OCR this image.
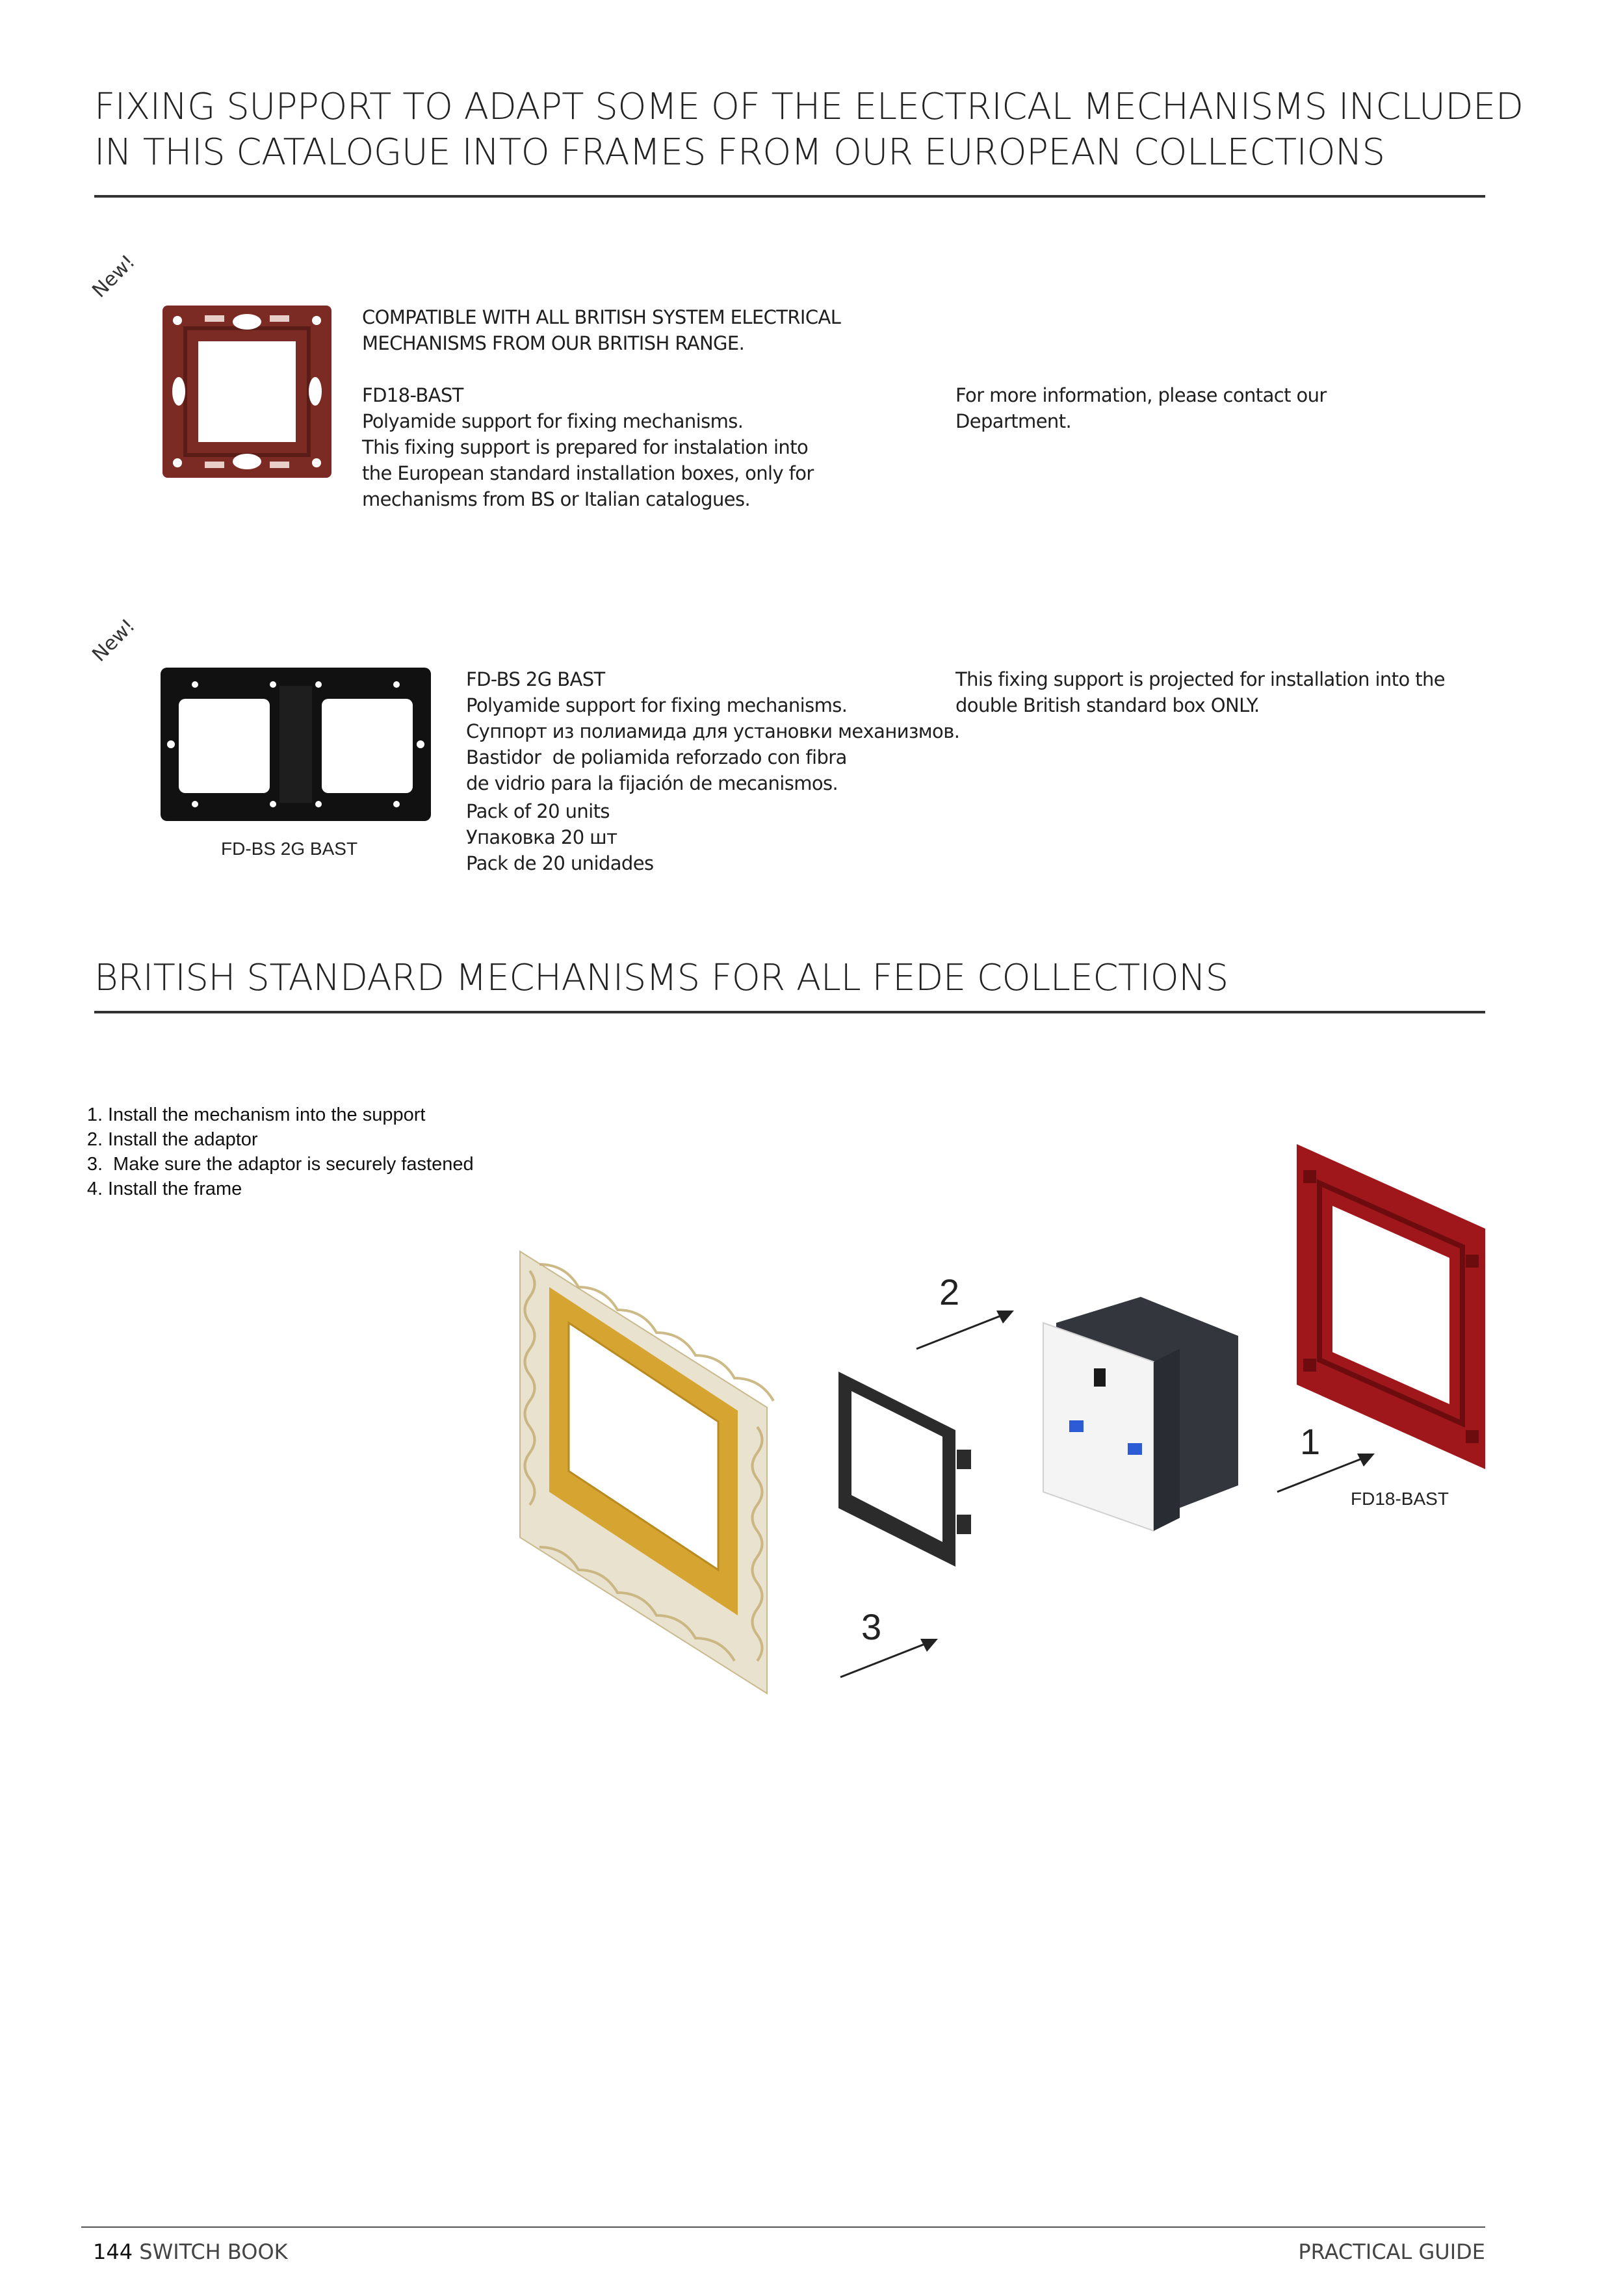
FIXING SUPPORT TO ADAPT SOME OF THE ELECTRICAL MECHANISMS INCLUDED
IN THIS CATALOGUE INTO FRAMES FROM OUR EUROPEAN COLLECTIONS
New!
COMPATIBLE WITH ALL BRITISH SYSTEM ELECTRICAL
MECHANISMS FROM OUR BRITISH RANGE.
FD18-BAST
Polyamide support for fixing mechanisms.
This fixing support is prepared for instalation into
the European standard installation boxes, only for
mechanisms from BS or Italian catalogues.
For more information, please contact our
Department.
New!
FD-BS 2G BAST
FD-BS 2G BAST
Polyamide support for fixing mechanisms.
Суппорт из полиамида для установки механизмов.
Bastidor  de poliamida reforzado con fibra
de vidrio para la fijación de mecanismos.
Pack of 20 units
Упаковка 20 шт
Pack de 20 unidades
This fixing support is projected for installation into the
double British standard box ONLY.
BRITISH STANDARD MECHANISMS FOR ALL FEDE COLLECTIONS
1. Install the mechanism into the support
2. Install the adaptor
3. Make sure the adaptor is securely fastened
4. Install the frame
2
1
3
FD18-BAST
144 SWITCH BOOK	PRACTICAL GUIDE
